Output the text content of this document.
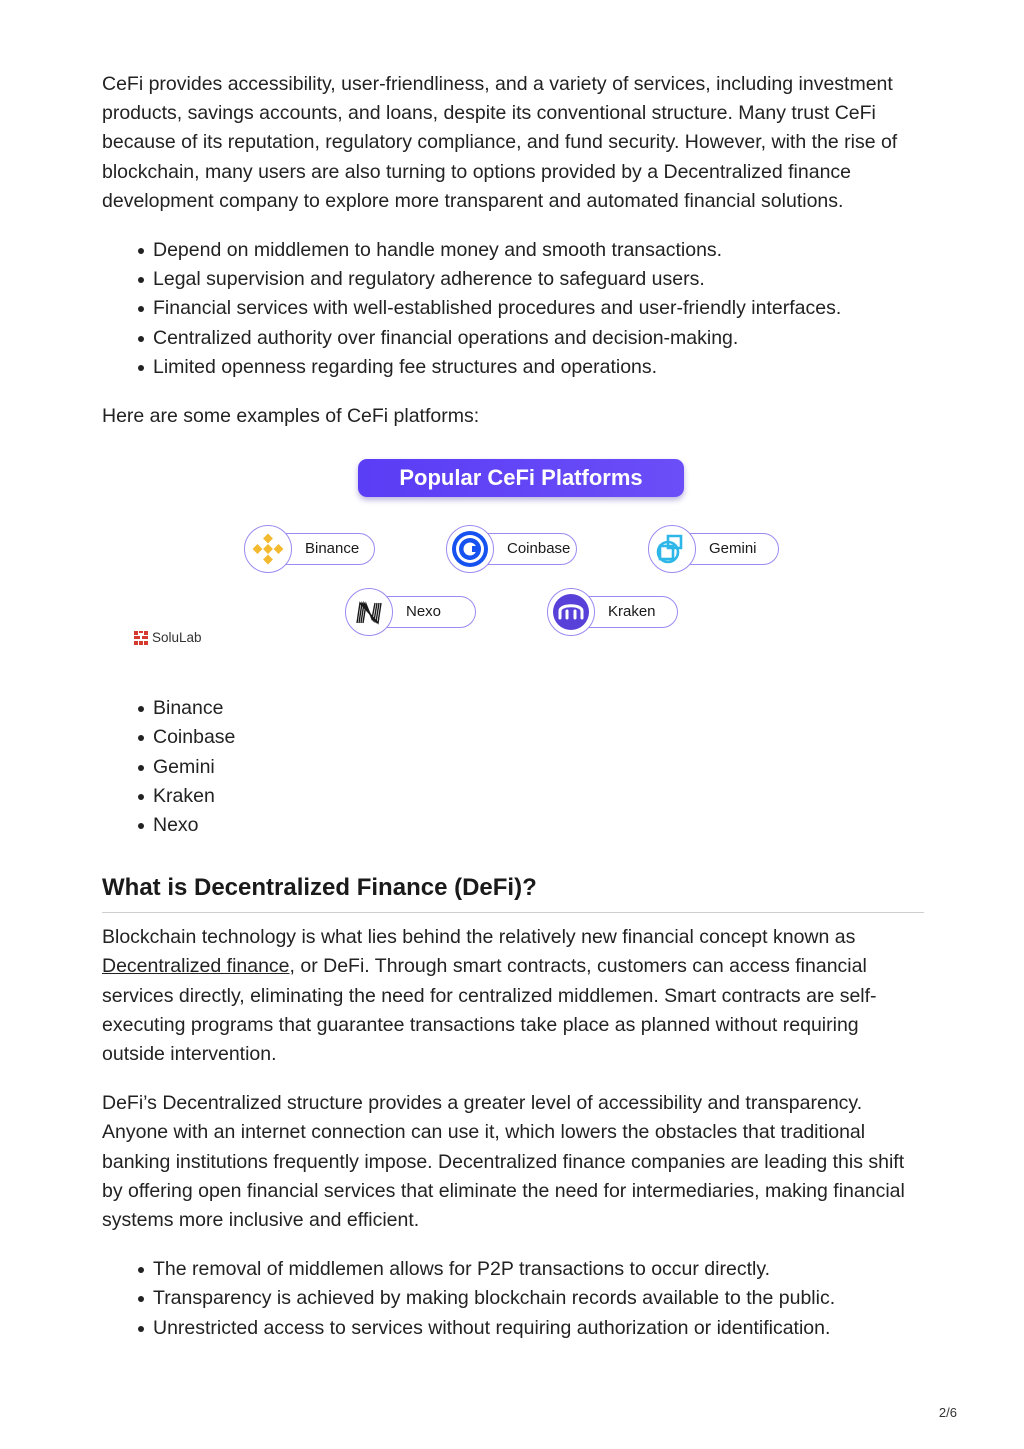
CeFi provides accessibility, user-friendliness, and a variety of services, including investment products, savings accounts, and loans, despite its conventional structure. Many trust CeFi because of its reputation, regulatory compliance, and fund security. However, with the rise of blockchain, many users are also turning to options provided by a Decentralized finance development company to explore more transparent and automated financial solutions.

Depend on middlemen to handle money and smooth transactions.
Legal supervision and regulatory adherence to safeguard users.
Financial services with well-established procedures and user-friendly interfaces.
Centralized authority over financial operations and decision-making.
Limited openness regarding fee structures and operations.

Here are some examples of CeFi platforms:

Popular CeFi Platforms
Binance	Coinbase	Gemini
Nexo	Kraken
SoluLab
Binance
Coinbase
Gemini
Kraken
Nexo
What is Decentralized Finance (DeFi)?

Blockchain technology is what lies behind the relatively new financial concept known as Decentralized finance, or DeFi. Through smart contracts, customers can access financial services directly, eliminating the need for centralized middlemen. Smart contracts are self-executing programs that guarantee transactions take place as planned without requiring outside intervention.

DeFi’s Decentralized structure provides a greater level of accessibility and transparency. Anyone with an internet connection can use it, which lowers the obstacles that traditional banking institutions frequently impose. Decentralized finance companies are leading this shift by offering open financial services that eliminate the need for intermediaries, making financial systems more inclusive and efficient.

The removal of middlemen allows for P2P transactions to occur directly.
Transparency is achieved by making blockchain records available to the public.
Unrestricted access to services without requiring authorization or identification.
2/6
